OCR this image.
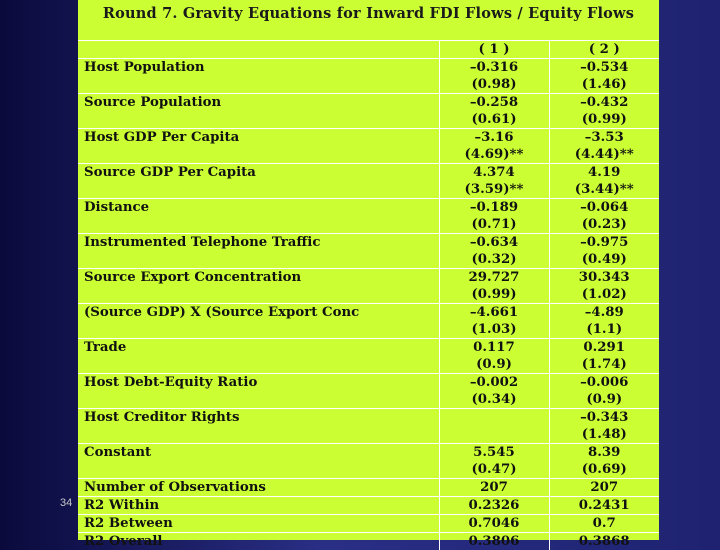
34
Round 7. Gravity Equations for Inward FDI Flows / Equity Flows
	( 1 )	( 2 )
Host Population	–0.316	–0.534
	(0.98)	(1.46)
Source Population	–0.258	–0.432
	(0.61)	(0.99)
Host GDP Per Capita	–3.16	–3.53
	(4.69)**	(4.44)**
Source GDP Per Capita	4.374	4.19
	(3.59)**	(3.44)**
Distance	–0.189	–0.064
	(0.71)	(0.23)
Instrumented Telephone Traffic	–0.634	–0.975
	(0.32)	(0.49)
Source Export Concentration	29.727	30.343
	(0.99)	(1.02)
(Source GDP) X (Source Export Conc	–4.661	–4.89
	(1.03)	(1.1)
Trade	0.117	0.291
	(0.9)	(1.74)
Host Debt-Equity Ratio	–0.002	–0.006
	(0.34)	(0.9)
Host Creditor Rights		–0.343
		(1.48)
Constant	5.545	8.39
	(0.47)	(0.69)
Number of Observations	207	207
R2 Within	0.2326	0.2431
R2 Between	0.7046	0.7
R2 Overall	0.3806	0.3868
